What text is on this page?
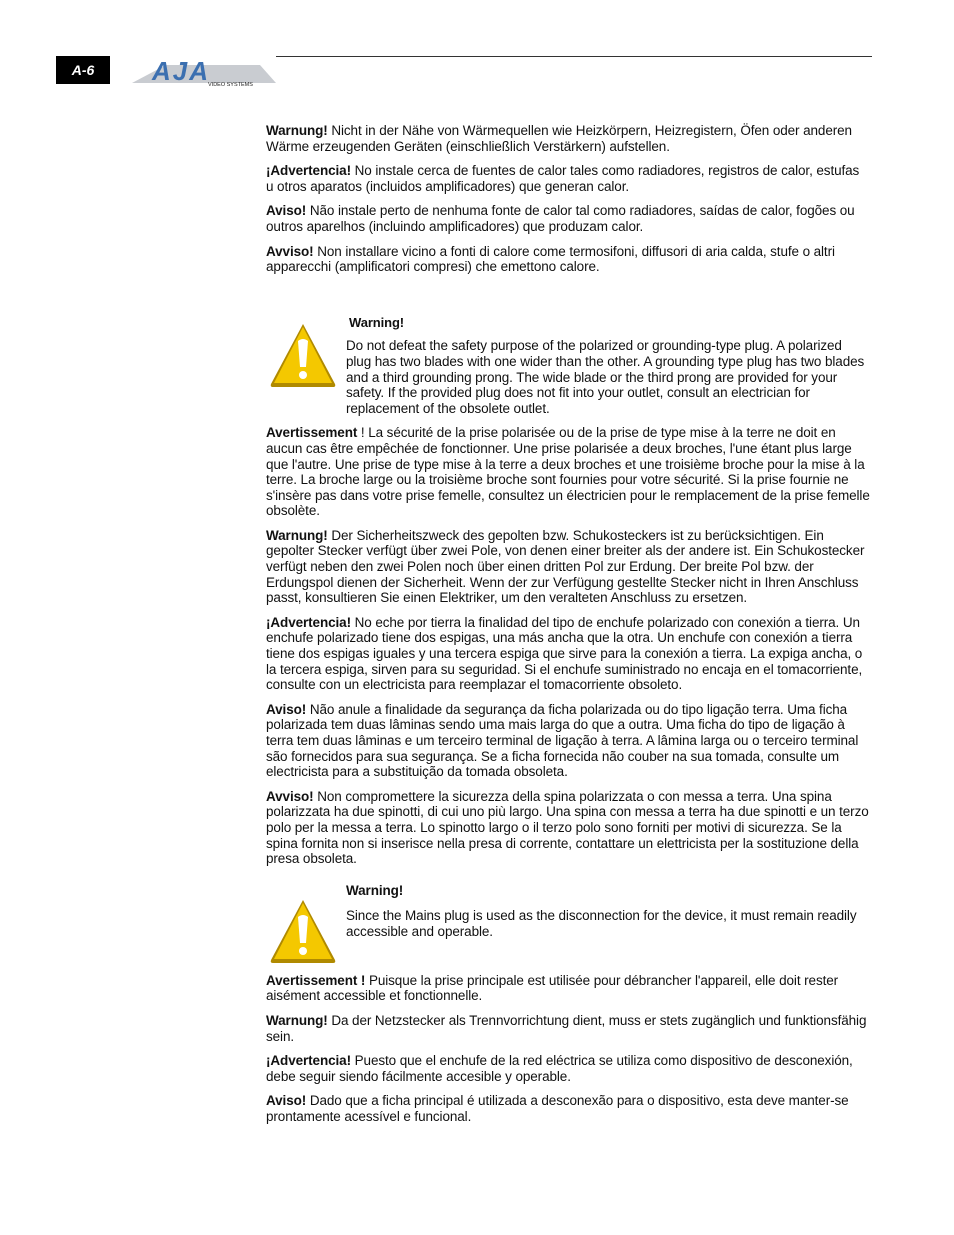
A-6	AJA
VIDEO SYSTEMS

Warnung! Nicht in der Nähe von Wärmequellen wie Heizkörpern, Heizregistern, Öfen oder anderen Wärme erzeugenden Geräten (einschließlich Verstärkern) aufstellen.

¡Advertencia! No instale cerca de fuentes de calor tales como radiadores, registros de calor, estufas u otros aparatos (incluidos amplificadores) que generan calor.

Aviso! Não instale perto de nenhuma fonte de calor tal como radiadores, saídas de calor, fogões ou outros aparelhos (incluindo amplificadores) que produzam calor.

Avviso! Non installare vicino a fonti di calore come termosifoni, diffusori di aria calda, stufe o altri apparecchi (amplificatori compresi) che emettono calore.

Warning!

Do not defeat the safety purpose of the polarized or grounding-type plug. A polarized plug has two blades with one wider than the other. A grounding type plug has two blades and a third grounding prong. The wide blade or the third prong are provided for your safety. If the provided plug does not fit into your outlet, consult an electrician for replacement of the obsolete outlet.

Avertissement ! La sécurité de la prise polarisée ou de la prise de type mise à la terre ne doit en aucun cas être empêchée de fonctionner. Une prise polarisée a deux broches, l'une étant plus large que l'autre. Une prise de type mise à la terre a deux broches et une troisième broche pour la mise à la terre. La broche large ou la troisième broche sont fournies pour votre sécurité. Si la prise fournie ne s'insère pas dans votre prise femelle, consultez un électricien pour le remplacement de la prise femelle obsolète.

Warnung! Der Sicherheitszweck des gepolten bzw. Schukosteckers ist zu berücksichtigen. Ein gepolter Stecker verfügt über zwei Pole, von denen einer breiter als der andere ist. Ein Schukostecker verfügt neben den zwei Polen noch über einen dritten Pol zur Erdung. Der breite Pol bzw. der Erdungspol dienen der Sicherheit. Wenn der zur Verfügung gestellte Stecker nicht in Ihren Anschluss passt, konsultieren Sie einen Elektriker, um den veralteten Anschluss zu ersetzen.

¡Advertencia! No eche por tierra la finalidad del tipo de enchufe polarizado con conexión a tierra. Un enchufe polarizado tiene dos espigas, una más ancha que la otra. Un enchufe con conexión a tierra tiene dos espigas iguales y una tercera espiga que sirve para la conexión a tierra. La expiga ancha, o la tercera espiga, sirven para su seguridad. Si el enchufe suministrado no encaja en el tomacorriente, consulte con un electricista para reemplazar el tomacorriente obsoleto.

Aviso! Não anule a finalidade da segurança da ficha polarizada ou do tipo ligação terra. Uma ficha polarizada tem duas lâminas sendo uma mais larga do que a outra. Uma ficha do tipo de ligação à terra tem duas lâminas e um terceiro terminal de ligação à terra. A lâmina larga ou o terceiro terminal são fornecidos para sua segurança. Se a ficha fornecida não couber na sua tomada, consulte um electricista para a substituição da tomada obsoleta.

Avviso! Non compromettere la sicurezza della spina polarizzata o con messa a terra. Una spina polarizzata ha due spinotti, di cui uno più largo. Una spina con messa a terra ha due spinotti e un terzo polo per la messa a terra. Lo spinotto largo o il terzo polo sono forniti per motivi di sicurezza. Se la spina fornita non si inserisce nella presa di corrente, contattare un elettricista per la sostituzione della presa obsoleta.

Warning!
Since the Mains plug is used as the disconnection for the device, it must remain readily accessible and operable.

Avertissement ! Puisque la prise principale est utilisée pour débrancher l'appareil, elle doit rester aisément accessible et fonctionnelle.

Warnung! Da der Netzstecker als Trennvorrichtung dient, muss er stets zugänglich und funktionsfähig sein.

¡Advertencia! Puesto que el enchufe de la red eléctrica se utiliza como dispositivo de desconexión, debe seguir siendo fácilmente accesible y operable.

Aviso! Dado que a ficha principal é utilizada a desconexão para o dispositivo, esta deve manter-se prontamente acessível e funcional.
